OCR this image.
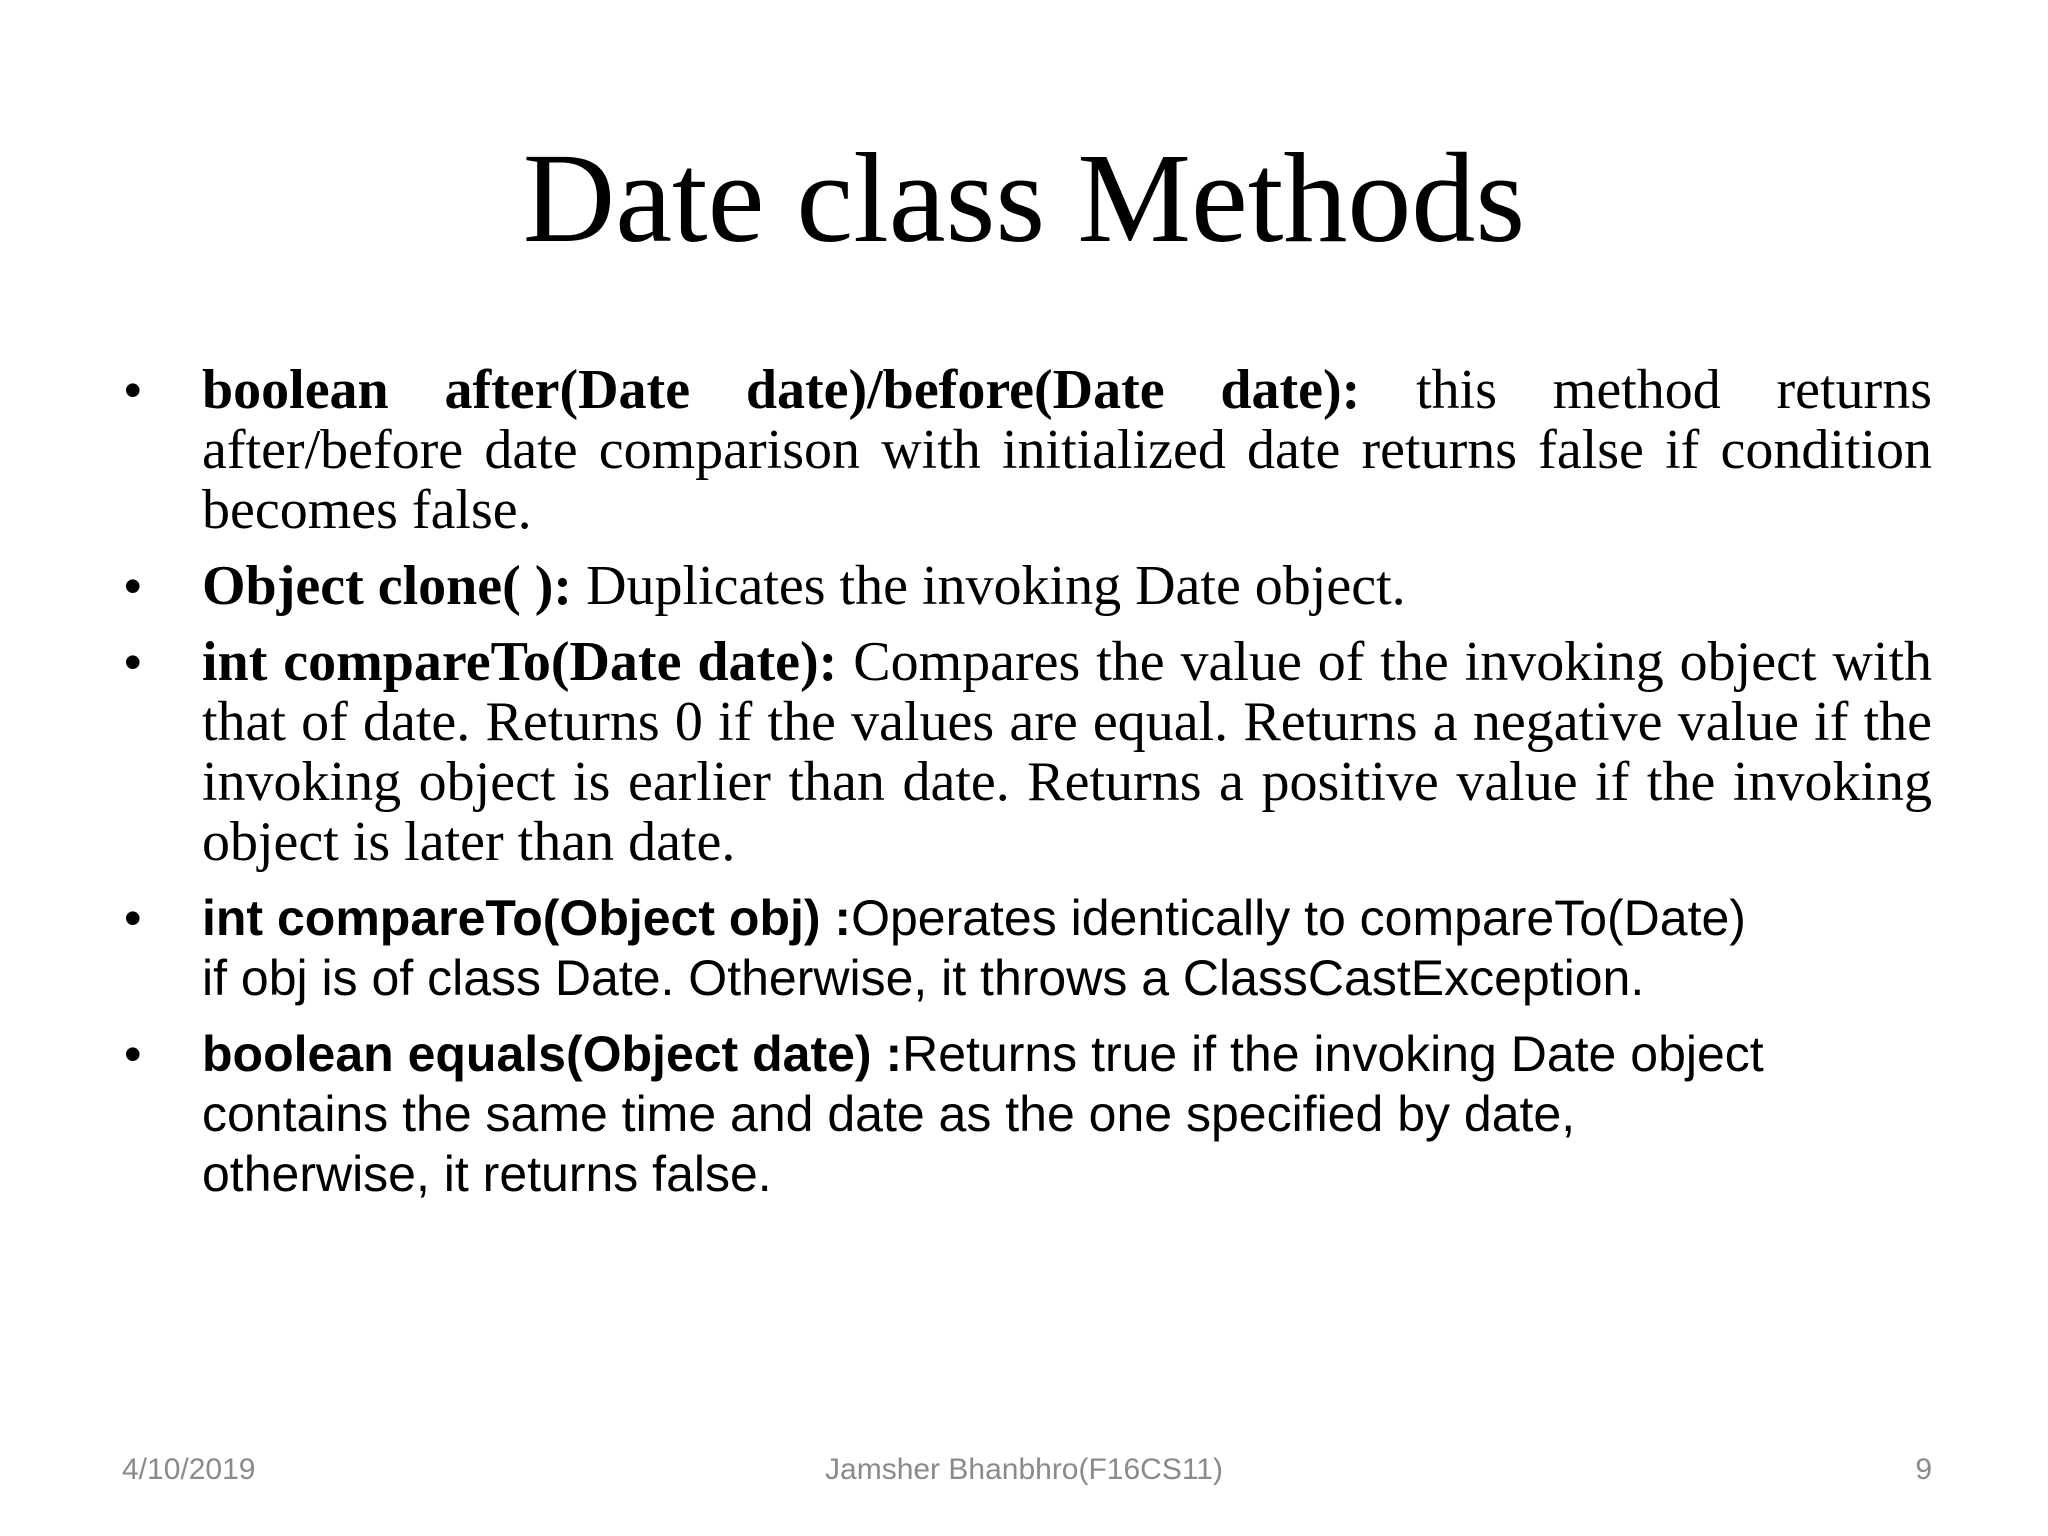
Date class Methods
• boolean after(Date date)/before(Date date): this method returns after/before date comparison with initialized date returns false if condition becomes false.
• Object clone( ): Duplicates the invoking Date object.
• int compareTo(Date date): Compares the value of the invoking object with that of date. Returns 0 if the values are equal. Returns a negative value if the invoking object is earlier than date. Returns a positive value if the invoking object is later than date.
• int compareTo(Object obj) :Operates identically to compareTo(Date) if obj is of class Date. Otherwise, it throws a ClassCastException.
• boolean equals(Object date) :Returns true if the invoking Date object contains the same time and date as the one specified by date, otherwise, it returns false.
Jamsher Bhanbhro(F16CS11)
4/10/2019	9
